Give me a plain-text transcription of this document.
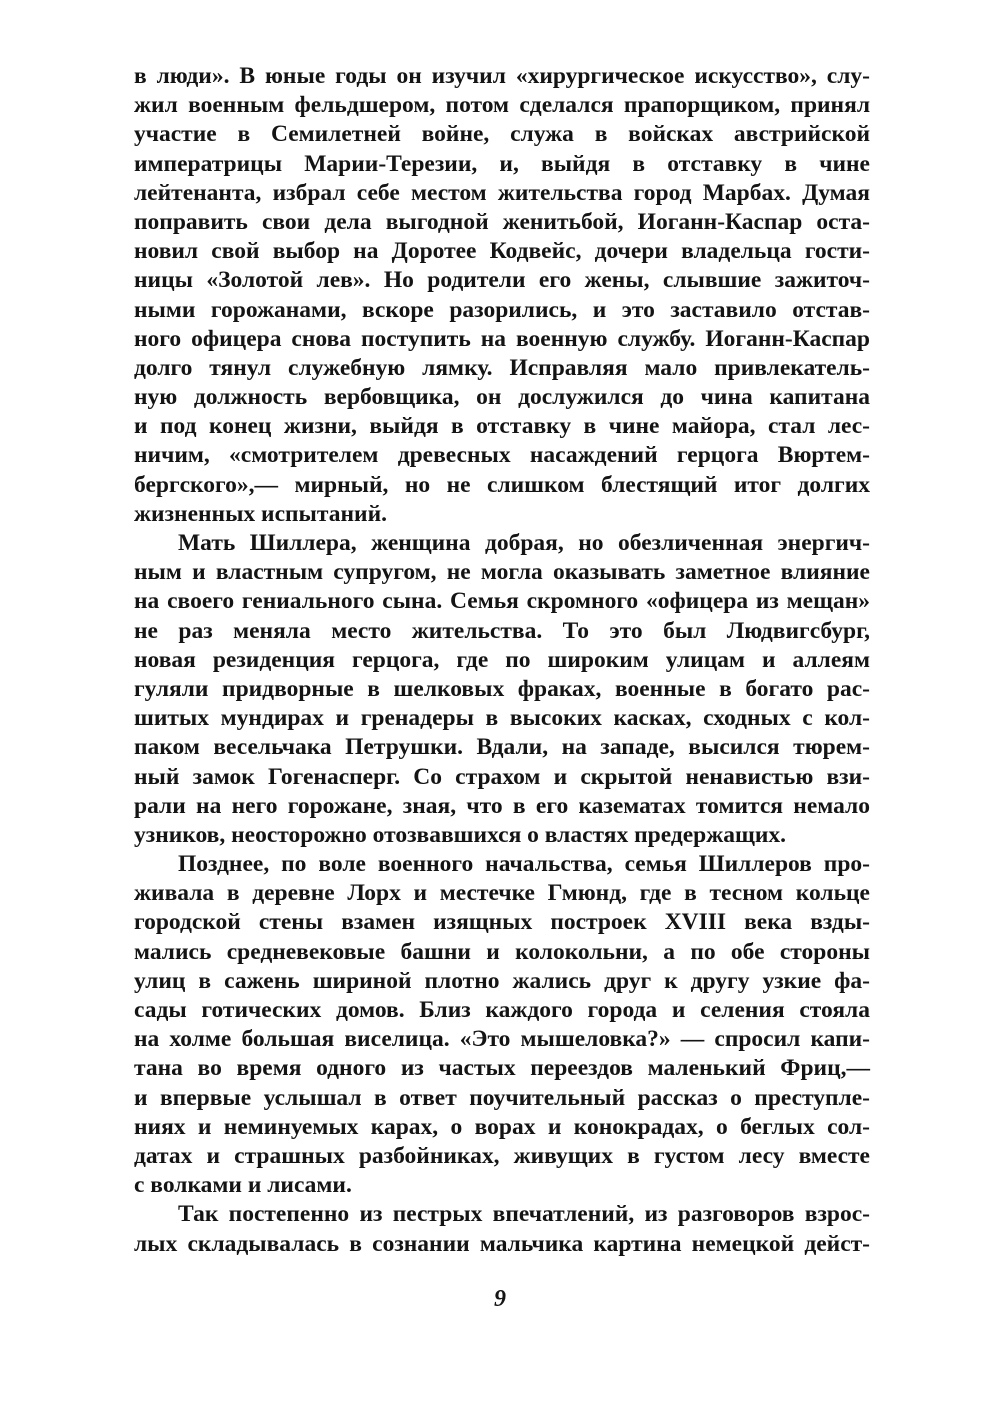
в люди». В юные годы он изучил «хирургическое искусство», слу-
жил военным фельдшером, потом сделался прапорщиком, принял
участие в Семилетней войне, служа в войсках австрийской
императрицы Марии-Терезии, и, выйдя в отставку в чине
лейтенанта, избрал себе местом жительства город Марбах. Думая
поправить свои дела выгодной женитьбой, Иоганн-Каспар оста-
новил свой выбор на Доротее Кодвейс, дочери владельца гости-
ницы «Золотой лев». Но родители его жены, слывшие зажиточ-
ными горожанами, вскоре разорились, и это заставило отстав-
ного офицера снова поступить на военную службу. Иоганн-Каспар
долго тянул служебную лямку. Исправляя мало привлекатель-
ную должность вербовщика, он дослужился до чина капитана
и под конец жизни, выйдя в отставку в чине майора, стал лес-
ничим, «смотрителем древесных насаждений герцога Вюртем-
бергского»,— мирный, но не слишком блестящий итог долгих
жизненных испытаний.
Мать Шиллера, женщина добрая, но обезличенная энергич-
ным и властным супругом, не могла оказывать заметное влияние
на своего гениального сына. Семья скромного «офицера из мещан»
не раз меняла место жительства. То это был Людвигсбург,
новая резиденция герцога, где по широким улицам и аллеям
гуляли придворные в шелковых фраках, военные в богато рас-
шитых мундирах и гренадеры в высоких касках, сходных с кол-
паком весельчака Петрушки. Вдали, на западе, высился тюрем-
ный замок Гогенасперг. Со страхом и скрытой ненавистью взи-
рали на него горожане, зная, что в его казематах томится немало
узников, неосторожно отозвавшихся о властях предержащих.
Позднее, по воле военного начальства, семья Шиллеров про-
живала в деревне Лорх и местечке Гмюнд, где в тесном кольце
городской стены взамен изящных построек XVIII века взды-
мались средневековые башни и колокольни, а по обе стороны
улиц в сажень шириной плотно жались друг к другу узкие фа-
сады готических домов. Близ каждого города и селения стояла
на холме большая виселица. «Это мышеловка?» — спросил капи-
тана во время одного из частых переездов маленький Фриц,—
и впервые услышал в ответ поучительный рассказ о преступле-
ниях и неминуемых карах, о ворах и конокрадах, о беглых сол-
датах и страшных разбойниках, живущих в густом лесу вместе
с волками и лисами.
Так постепенно из пестрых впечатлений, из разговоров взрос-
лых складывалась в сознании мальчика картина немецкой дейст-
9
